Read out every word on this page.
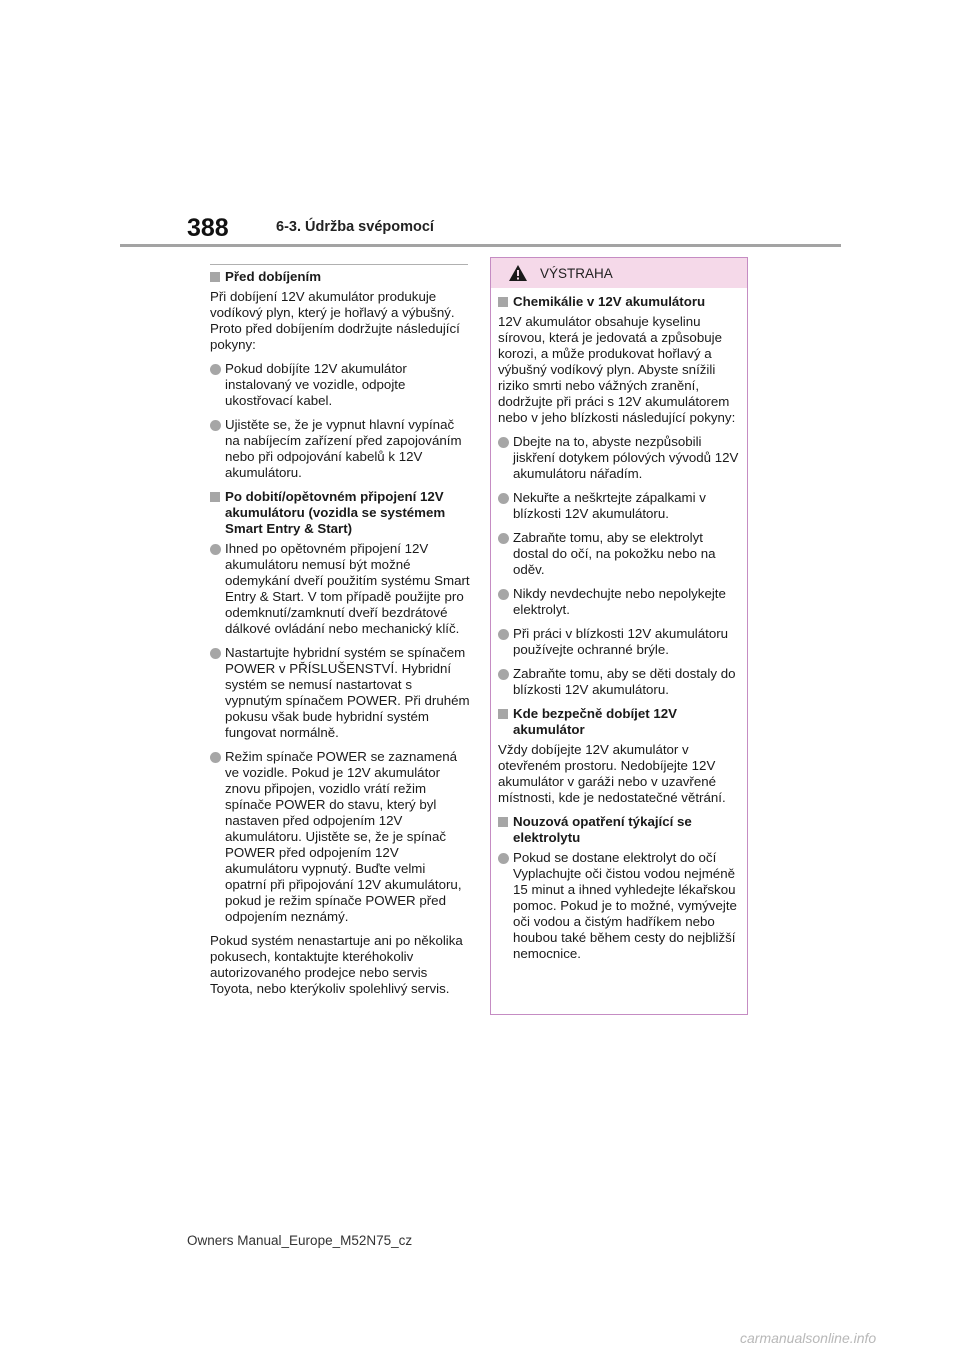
388	6-3. Údržba svépomocí
Před dobíjením
Při dobíjení 12V akumulátor produkuje vodíkový plyn, který je hořlavý a výbušný. Proto před dobíjením dodržujte následující pokyny:
Pokud dobíjíte 12V akumulátor instalovaný ve vozidle, odpojte ukostřovací kabel.
Ujistěte se, že je vypnut hlavní vypínač na nabíjecím zařízení před zapojováním nebo při odpojování kabelů k 12V akumulátoru.
Po dobití/opětovném připojení 12V akumulátoru (vozidla se systémem Smart Entry & Start)
Ihned po opětovném připojení 12V akumulátoru nemusí být možné odemykání dveří použitím systému Smart Entry & Start. V tom případě použijte pro odemknutí/zamknutí dveří bezdrátové dálkové ovládání nebo mechanický klíč.
Nastartujte hybridní systém se spínačem POWER v PŘÍSLUŠENSTVÍ. Hybridní systém se nemusí nastartovat s vypnutým spínačem POWER. Při druhém pokusu však bude hybridní systém fungovat normálně.
Režim spínače POWER se zaznamená ve vozidle. Pokud je 12V akumulátor znovu připojen, vozidlo vrátí režim spínače POWER do stavu, který byl nastaven před odpojením 12V akumulátoru. Ujistěte se, že je spínač POWER před odpojením 12V akumulátoru vypnutý. Buďte velmi opatrní při připojování 12V akumulátoru, pokud je režim spínače POWER před odpojením neznámý.
Pokud systém nenastartuje ani po několika pokusech, kontaktujte kteréhokoliv autorizovaného prodejce nebo servis Toyota, nebo kterýkoliv spolehlivý servis.
VÝSTRAHA
Chemikálie v 12V akumulátoru
12V akumulátor obsahuje kyselinu sírovou, která je jedovatá a způsobuje korozi, a může produkovat hořlavý a výbušný vodíkový plyn. Abyste snížili riziko smrti nebo vážných zranění, dodržujte při práci s 12V akumulátorem nebo v jeho blízkosti následující pokyny:
Dbejte na to, abyste nezpůsobili jiskření dotykem pólových vývodů 12V akumulátoru nářadím.
Nekuřte a neškrtejte zápalkami v blízkosti 12V akumulátoru.
Zabraňte tomu, aby se elektrolyt dostal do očí, na pokožku nebo na oděv.
Nikdy nevdechujte nebo nepolykejte elektrolyt.
Při práci v blízkosti 12V akumulátoru používejte ochranné brýle.
Zabraňte tomu, aby se děti dostaly do blízkosti 12V akumulátoru.
Kde bezpečně dobíjet 12V akumulátor
Vždy dobíjejte 12V akumulátor v otevřeném prostoru. Nedobíjejte 12V akumulátor v garáži nebo v uzavřené místnosti, kde je nedostatečné větrání.
Nouzová opatření týkající se elektrolytu
Pokud se dostane elektrolyt do očí Vyplachujte oči čistou vodou nejméně 15 minut a ihned vyhledejte lékařskou pomoc. Pokud je to možné, vymývejte oči vodou a čistým hadříkem nebo houbou také během cesty do nejbližší nemocnice.
Owners Manual_Europe_M52N75_cz
carmanualsonline.info
